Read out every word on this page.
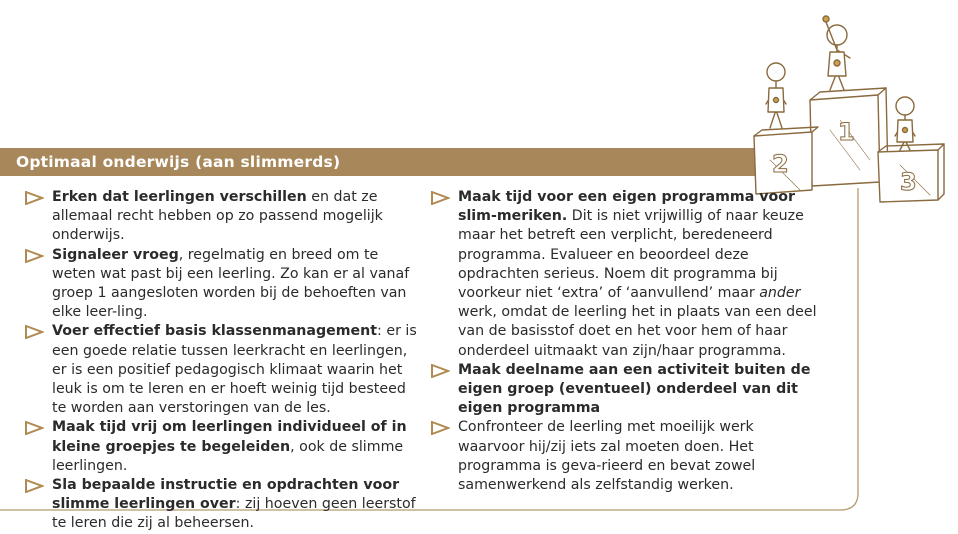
Optimaal onderwijs (aan slimmerds)
1
2
3

Erken dat leerlingen verschillen en dat ze allemaal recht hebben op zo passend mogelijk onderwijs.

Signaleer vroeg, regelmatig en breed om te weten wat past bij een leerling. Zo kan er al vanaf groep 1 aangesloten worden bij de behoeften van elke leer-ling.

Voer effectief basis klassenmanagement: er is een goede relatie tussen leerkracht en leerlingen, er is een positief pedagogisch klimaat waarin het leuk is om te leren en er hoeft weinig tijd besteed te worden aan verstoringen van de les.

Maak tijd vrij om leerlingen individueel of in kleine groepjes te begeleiden, ook de slimme leerlingen.

Sla bepaalde instructie en opdrachten voor slimme leerlingen over: zij hoeven geen leerstof te leren die zij al beheersen.

Maak tijd voor een eigen programma voor slim-meriken. Dit is niet vrijwillig of naar keuze maar het betreft een verplicht, beredeneerd programma. Evalueer en beoordeel deze opdrachten serieus. Noem dit programma bij voorkeur niet ‘extra’ of ‘aanvullend’ maar ander werk, omdat de leerling het in plaats van een deel van de basisstof doet en het voor hem of haar onderdeel uitmaakt van zijn/haar programma.

Maak deelname aan een activiteit buiten de eigen groep (eventueel) onderdeel van dit eigen programma

Confronteer de leerling met moeilijk werk waarvoor hij/zij iets zal moeten doen. Het programma is geva-rieerd en bevat zowel samenwerkend als zelfstandig werken.
